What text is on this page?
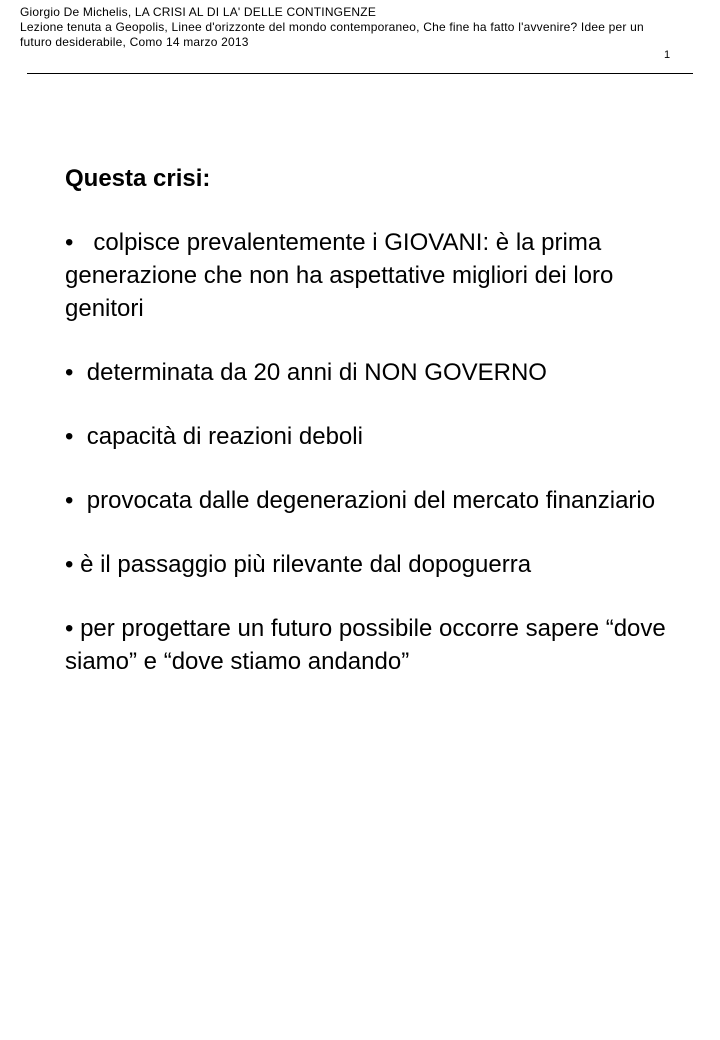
Giorgio De Michelis, LA CRISI AL DI LA' DELLE CONTINGENZE
Lezione tenuta a Geopolis, Linee d'orizzonte del mondo contemporaneo, Che fine ha fatto l'avvenire? Idee per un
futuro desiderabile, Como 14 marzo 2013
1
Questa crisi:
•   colpisce prevalentemente i GIOVANI: è la prima generazione che non ha aspettative migliori dei loro genitori
•  determinata da 20 anni di NON GOVERNO
•  capacità di reazioni deboli
•  provocata dalle degenerazioni del mercato finanziario
• è il passaggio più rilevante dal dopoguerra
• per progettare un futuro possibile occorre sapere “dove siamo” e “dove stiamo andando”
